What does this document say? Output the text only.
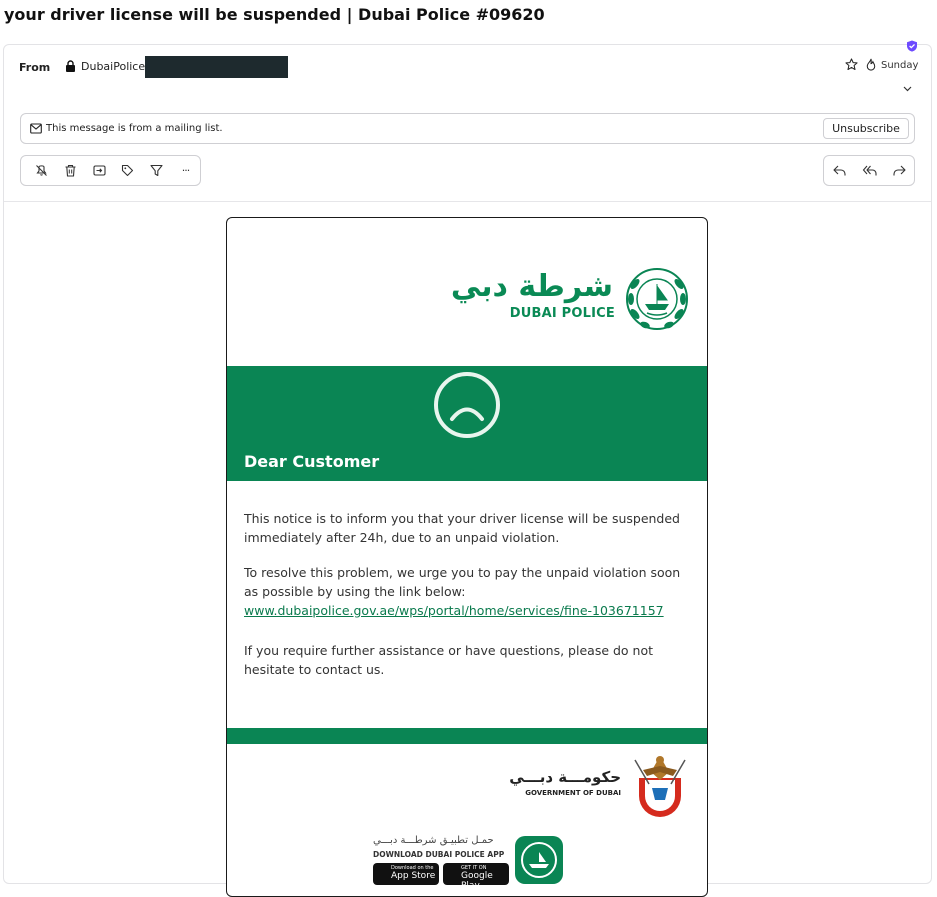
your driver license will be suspended | Dubai Police #09620
From	DubaiPolice	Sunday
This message is from a mailing list.	Unsubscribe
···
شرطة دبي
DUBAI POLICE
Dear Customer

This notice is to inform you that your driver license will be suspended immediately after 24h, due to an unpaid violation.

To resolve this problem, we urge you to pay the unpaid violation soon as possible by using the link below: www.dubaipolice.gov.ae/wps/portal/home/services/fine-103671157

If you require further assistance or have questions, please do not hesitate to contact us.

حكومـــة دبـــي
GOVERNMENT OF DUBAI
حمـل تطبيـق شرطـــة دبـــي
DOWNLOAD DUBAI POLICE APP
Download on the
App Store
GET IT ON
Google Play
